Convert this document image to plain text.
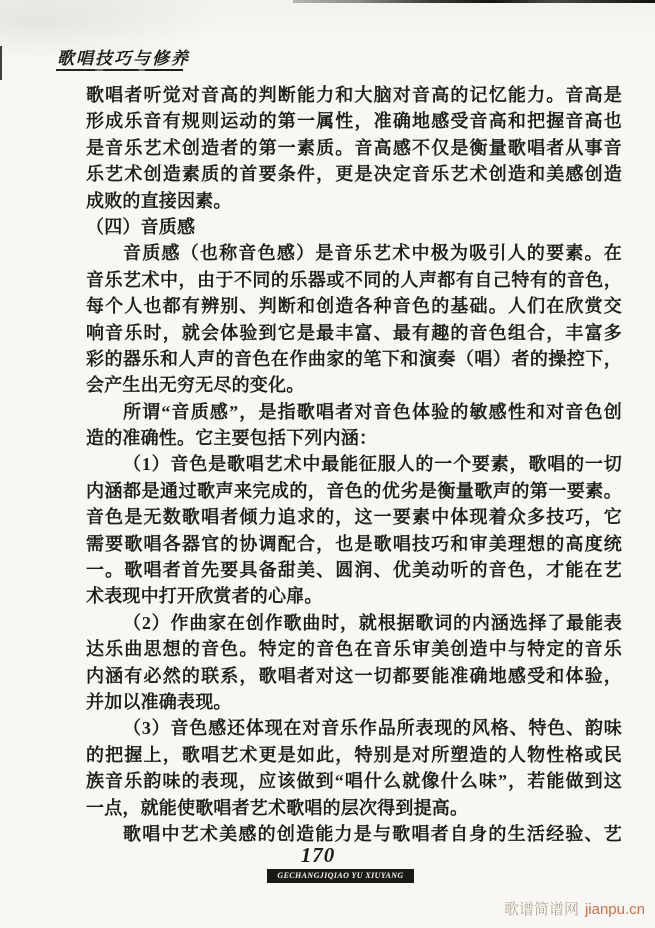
歌唱技巧与修养
歌唱者听觉对音高的判断能力和大脑对音高的记忆能力。音高是
形成乐音有规则运动的第一属性，准确地感受音高和把握音高也
是音乐艺术创造者的第一素质。音高感不仅是衡量歌唱者从事音
乐艺术创造素质的首要条件，更是决定音乐艺术创造和美感创造
成败的直接因素。
（四）音质感
音质感（也称音色感）是音乐艺术中极为吸引人的要素。在
音乐艺术中，由于不同的乐器或不同的人声都有自己特有的音色，
每个人也都有辨别、判断和创造各种音色的基础。人们在欣赏交
响音乐时，就会体验到它是最丰富、最有趣的音色组合，丰富多
彩的器乐和人声的音色在作曲家的笔下和演奏（唱）者的操控下，
会产生出无穷无尽的变化。
所谓“音质感”，是指歌唱者对音色体验的敏感性和对音色创
造的准确性。它主要包括下列内涵：
（1）音色是歌唱艺术中最能征服人的一个要素，歌唱的一切
内涵都是通过歌声来完成的，音色的优劣是衡量歌声的第一要素。
音色是无数歌唱者倾力追求的，这一要素中体现着众多技巧，它
需要歌唱各器官的协调配合，也是歌唱技巧和审美理想的高度统
一。歌唱者首先要具备甜美、圆润、优美动听的音色，才能在艺
术表现中打开欣赏者的心扉。
（2）作曲家在创作歌曲时，就根据歌词的内涵选择了最能表
达乐曲思想的音色。特定的音色在音乐审美创造中与特定的音乐
内涵有必然的联系，歌唱者对这一切都要能准确地感受和体验，
并加以准确表现。
（3）音色感还体现在对音乐作品所表现的风格、特色、韵味
的把握上，歌唱艺术更是如此，特别是对所塑造的人物性格或民
族音乐韵味的表现，应该做到“唱什么就像什么味”，若能做到这
一点，就能使歌唱者艺术歌唱的层次得到提高。
歌唱中艺术美感的创造能力是与歌唱者自身的生活经验、艺
170
GECHANGJIQIAO YU XIUYANG
歌谱简谱网 jianpu.cn
